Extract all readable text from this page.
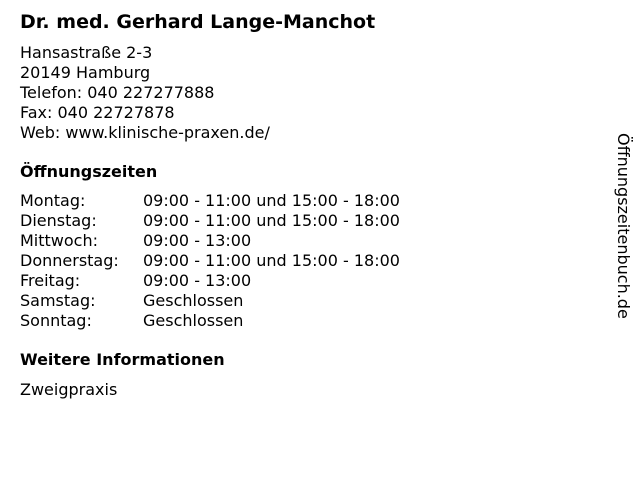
Dr. med. Gerhard Lange-Manchot
Hansastraße 2-3
20149 Hamburg
Telefon: 040 227277888
Fax: 040 22727878
Web: www.klinische-praxen.de/
Öffnungszeiten
Montag:	09:00 - 11:00 und 15:00 - 18:00
Dienstag:	09:00 - 11:00 und 15:00 - 18:00
Mittwoch:	09:00 - 13:00
Donnerstag:	09:00 - 11:00 und 15:00 - 18:00
Freitag:	09:00 - 13:00
Samstag:	Geschlossen
Sonntag:	Geschlossen
Weitere Informationen
Zweigpraxis
Öffnungszeitenbuch.de
